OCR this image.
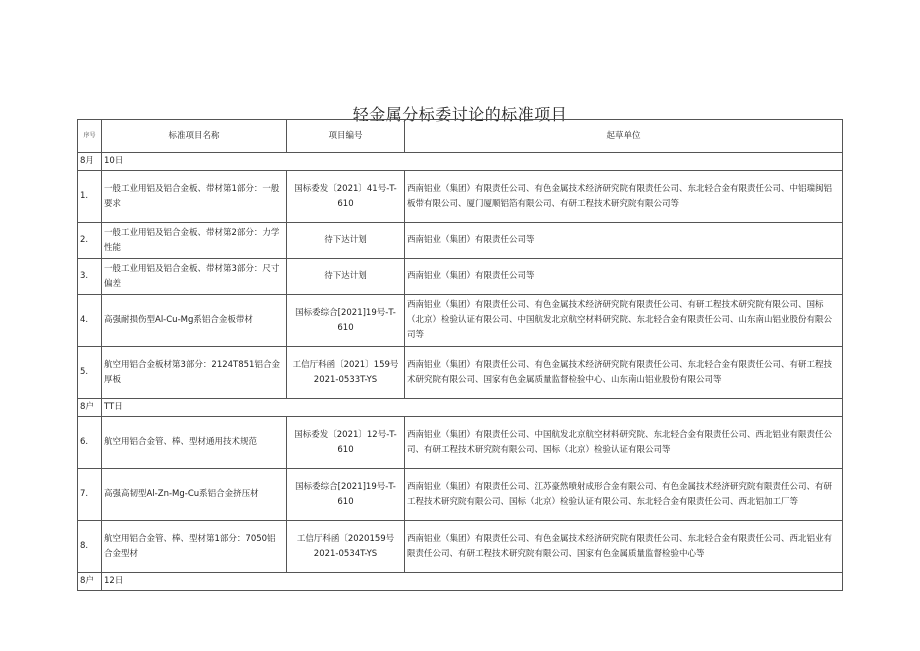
轻金属分标委讨论的标准项目
序号	标准项目名称	项目编号	起草单位
8月	10日		
1.	一般工业用铝及铝合金板、带材第1部分：一般要求	国标委发〔2021〕41号-T-610	西南铝业（集团）有限责任公司、有色金属技术经济研究院有限责任公司、东北轻合金有限责任公司、中铝瑞闽铝板带有限公司、厦门厦顺铝箔有限公司、有研工程技术研究院有限公司等
2.	一般工业用铝及铝合金板、带材第2部分：力学性能	待下达计划	西南铝业（集团）有限责任公司等
3.	一般工业用铝及铝合金板、带材第3部分：尺寸偏差	待下达计划	西南铝业（集团）有限责任公司等
4.	高强耐损伤型Al-Cu-Mg系铝合金板带材	国标委综合[2021]19号-T-610	西南铝业（集团）有限责任公司、有色金属技术经济研究院有限责任公司、有研工程技术研究院有限公司、国标（北京）检验认证有限公司、中国航发北京航空材料研究院、东北轻合金有限责任公司、山东南山铝业股份有限公司等
5.	航空用铝合金板材第3部分：2124T851铝合金厚板	工信厅科函〔2021〕159号2021-0533T-YS	西南铝业（集团）有限责任公司、有色金属技术经济研究院有限责任公司、东北轻合金有限责任公司、有研工程技术研究院有限公司、国家有色金属质量监督检验中心、山东南山铝业股份有限公司等
8户	TT日		
6.	航空用铝合金管、棒、型材通用技术规范	国标委发〔2021〕12号-T-610	西南铝业（集团）有限责任公司、中国航发北京航空材料研究院、东北轻合金有限责任公司、西北铝业有限责任公司、有研工程技术研究院有限公司、国标（北京）检验认证有限公司等
7.	高强高韧型Al-Zn-Mg-Cu系铝合金挤压材	国标委综合[2021]19号-T-610	西南铝业（集团）有限责任公司、江苏豪然喷射成形合金有限公司、有色金属技术经济研究院有限责任公司、有研工程技术研究院有限公司、国标（北京）检验认证有限公司、东北轻合金有限责任公司、西北铝加工厂等
8.	航空用铝合金管、棒、型材第1部分：7050铝合金型材	工信厅科函〔2020159号2021-0534T-YS	西南铝业（集团）有限责任公司、有色金属技术经济研究院有限责任公司、东北轻合金有限责任公司、西北铝业有限责任公司、有研工程技术研究院有限公司、国家有色金属质量监督检验中心等
8户	12日		
